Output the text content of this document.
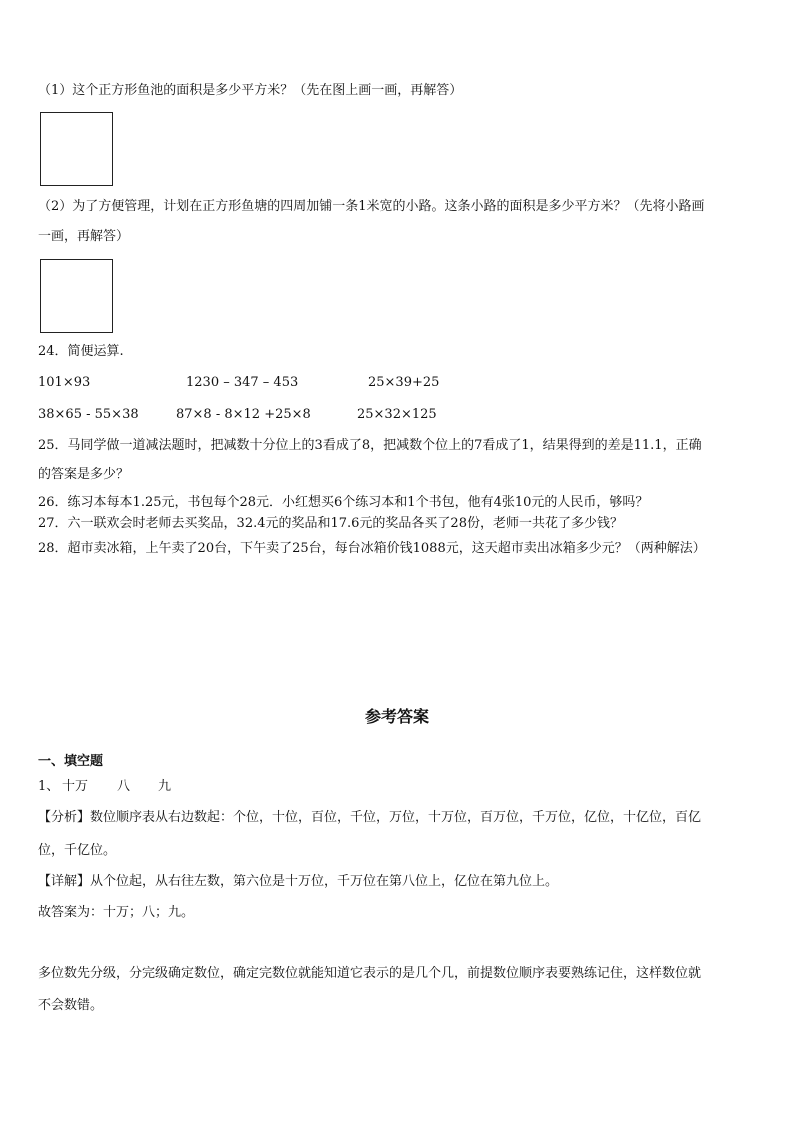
（1）这个正方形鱼池的面积是多少平方米？（先在图上画一画，再解答）
（2）为了方便管理，计划在正方形鱼塘的四周加铺一条1米宽的小路。这条小路的面积是多少平方米？（先将小路画
一画，再解答）
24．简便运算.
101×93	1230 – 347 – 453	25×39+25
38×65 - 55×38	87×8 - 8×12 +25×8	25×32×125
25．马同学做一道减法题时，把减数十分位上的3看成了8，把减数个位上的7看成了1，结果得到的差是11.1，正确
的答案是多少？
26．练习本每本1.25元，书包每个28元．小红想买6个练习本和1个书包，他有4张10元的人民币，够吗？
27．六一联欢会时老师去买奖品，32.4元的奖品和17.6元的奖品各买了28份，老师一共花了多少钱？
28．超市卖冰箱，上午卖了20台，下午卖了25台，每台冰箱价钱1088元，这天超市卖出冰箱多少元？（两种解法）
参考答案
一、填空题
1、 十万 八 九
【分析】数位顺序表从右边数起：个位，十位，百位，千位，万位，十万位，百万位，千万位，亿位，十亿位，百亿
位，千亿位。
【详解】从个位起，从右往左数，第六位是十万位，千万位在第八位上，亿位在第九位上。
故答案为：十万；八；九。
多位数先分级，分完级确定数位，确定完数位就能知道它表示的是几个几，前提数位顺序表要熟练记住，这样数位就
不会数错。
